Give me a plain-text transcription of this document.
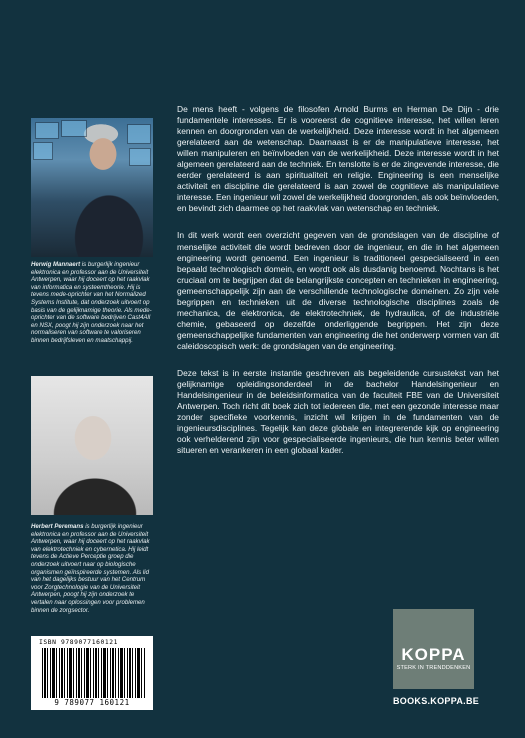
Herwig Mannaert is burgerlijk ingenieur elektronica en professor aan de Universiteit Antwerpen, waar hij doceert op het raakvlak van informatica en systeemtheorie. Hij is tevens mede-oprichter van het Normalized Systems Institute, dat onderzoek uitvoert op basis van de gelijknamige theorie. Als mede-oprichter van de software bedrijven Cast4All en NSX, poogt hij zijn onderzoek naar het normaliseren van software te valoriseren binnen bedrijfsleven en maatschappij.
Herbert Peremans is burgerlijk ingenieur elektronica en professor aan de Universiteit Antwerpen, waar hij doceert op het raakvlak van elektrotechniek en cybernetica. Hij leidt tevens de Actieve Perceptie groep die onderzoek uitvoert naar op biologische organismen geïnspireerde systemen. Als lid van het dagelijks bestuur van het Centrum voor Zorgtechnologie van de Universiteit Antwerpen, poogt hij zijn onderzoek te vertalen naar oplossingen voor problemen binnen de zorgsector.

De mens heeft - volgens de filosofen Arnold Burms en Herman De Dijn - drie fundamentele interesses. Er is vooreerst de cognitieve interesse, het willen leren kennen en doorgronden van de werkelijkheid. Deze interesse wordt in het algemeen gerelateerd aan de wetenschap. Daarnaast is er de manipulatieve interesse, het willen manipuleren en beïnvloeden van de werkelijkheid. Deze interesse wordt in het algemeen gerelateerd aan de techniek. En tenslotte is er de zingevende interesse, die eerder gerelateerd is aan spiritualiteit en religie. Engineering is een menselijke activiteit en discipline die gerelateerd is aan zowel de cognitieve als manipulatieve interesse. Een ingenieur wil zowel de werkelijkheid doorgronden, als ook beïnvloeden, en bevindt zich daarmee op het raakvlak van wetenschap en techniek.

In dit werk wordt een overzicht gegeven van de grondslagen van de discipline of menselijke activiteit die wordt bedreven door de ingenieur, en die in het algemeen engineering wordt genoemd. Een ingenieur is traditioneel gespecialiseerd in een bepaald technologisch domein, en wordt ook als dusdanig benoemd. Nochtans is het cruciaal om te begrijpen dat de belangrijkste concepten en technieken in engineering, gemeenschappelijk zijn aan de verschillende technologische domeinen. Zo zijn vele begrippen en technieken uit de diverse technologische disciplines zoals de mechanica, de elektronica, de elektrotechniek, de hydraulica, of de industriële chemie, gebaseerd op dezelfde onderliggende begrippen. Het zijn deze gemeenschappelijke fundamenten van engineering die het onderwerp vormen van dit caleidoscopisch werk: de grondslagen van de engineering.

Deze tekst is in eerste instantie geschreven als begeleidende cursustekst van het gelijknamige opleidingsonderdeel in de bachelor Handelsingenieur en Handelsingenieur in de beleidsinformatica van de faculteit FBE van de Universiteit Antwerpen. Toch richt dit boek zich tot iedereen die, met een gezonde interesse maar zonder specifieke voorkennis, inzicht wil krijgen in de fundamenten van de ingenieursdisciplines. Tegelijk kan deze globale en integrerende kijk op engineering ook verhelderend zijn voor gespecialiseerde ingenieurs, die hun kennis beter willen situeren en verankeren in een globaal kader.

ISBN 9789077160121
9 789077 160121
KOPPA
STERK IN TRENDDENKEN
BOOKS.KOPPA.BE
